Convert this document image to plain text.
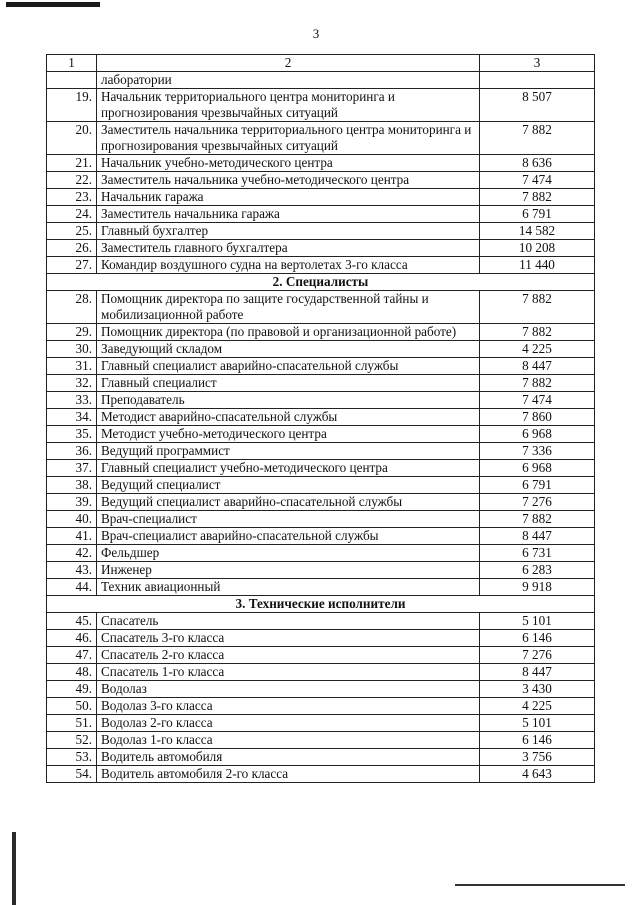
3
1	2	3
	лаборатории	
19.	Начальник территориального центра мониторинга и прогнозирования чрезвычайных ситуаций	8 507
20.	Заместитель начальника территориального центра мониторинга и прогнозирования чрезвычайных ситуаций	7 882
21.	Начальник учебно-методического центра	8 636
22.	Заместитель начальника учебно-методического центра	7 474
23.	Начальник гаража	7 882
24.	Заместитель начальника гаража	6 791
25.	Главный бухгалтер	14 582
26.	Заместитель главного бухгалтера	10 208
27.	Командир воздушного судна на вертолетах 3-го класса	11 440
2. Специалисты		
28.	Помощник директора по защите государственной тайны и мобилизационной работе	7 882
29.	Помощник директора (по правовой и организационной работе)	7 882
30.	Заведующий складом	4 225
31.	Главный специалист аварийно-спасательной службы	8 447
32.	Главный специалист	7 882
33.	Преподаватель	7 474
34.	Методист аварийно-спасательной службы	7 860
35.	Методист учебно-методического центра	6 968
36.	Ведущий программист	7 336
37.	Главный специалист учебно-методического центра	6 968
38.	Ведущий специалист	6 791
39.	Ведущий специалист аварийно-спасательной службы	7 276
40.	Врач-специалист	7 882
41.	Врач-специалист аварийно-спасательной службы	8 447
42.	Фельдшер	6 731
43.	Инженер	6 283
44.	Техник авиационный	9 918
3. Технические исполнители		
45.	Спасатель	5 101
46.	Спасатель 3-го класса	6 146
47.	Спасатель 2-го класса	7 276
48.	Спасатель 1-го класса	8 447
49.	Водолаз	3 430
50.	Водолаз 3-го класса	4 225
51.	Водолаз 2-го класса	5 101
52.	Водолаз 1-го класса	6 146
53.	Водитель автомобиля	3 756
54.	Водитель автомобиля 2-го класса	4 643
